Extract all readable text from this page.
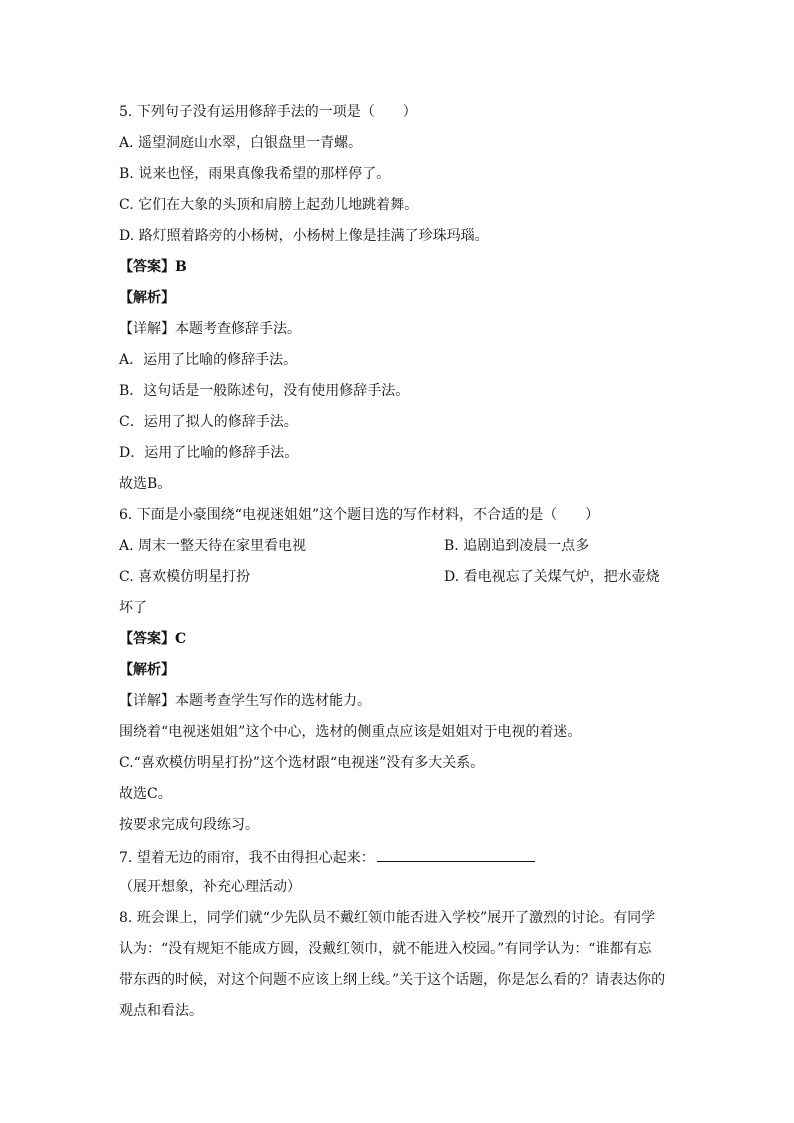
5. 下列句子没有运用修辞手法的一项是（　　）
A. 遥望洞庭山水翠，白银盘里一青螺。
B. 说来也怪，雨果真像我希望的那样停了。
C. 它们在大象的头顶和肩膀上起劲儿地跳着舞。
D. 路灯照着路旁的小杨树，小杨树上像是挂满了珍珠玛瑙。
【答案】B
【解析】
【详解】本题考查修辞手法。
A．运用了比喻的修辞手法。
B．这句话是一般陈述句，没有使用修辞手法。
C．运用了拟人的修辞手法。
D．运用了比喻的修辞手法。
故选B。
6. 下面是小豪围绕“电视迷姐姐”这个题目选的写作材料，不合适的是（　　）
A. 周末一整天待在家里看电视	B. 追剧追到凌晨一点多
C. 喜欢模仿明星打扮	D. 看电视忘了关煤气炉，把水壶烧
坏了
【答案】C
【解析】
【详解】本题考查学生写作的选材能力。
围绕着“电视迷姐姐”这个中心，选材的侧重点应该是姐姐对于电视的着迷。
C.“喜欢模仿明星打扮”这个选材跟“电视迷”没有多大关系。
故选C。
按要求完成句段练习。
7. 望着无边的雨帘，我不由得担心起来：
（展开想象，补充心理活动）
8. 班会课上，同学们就“少先队员不戴红领巾能否进入学校”展开了激烈的讨论。有同学
认为：“没有规矩不能成方圆，没戴红领巾，就不能进入校园。”有同学认为：“谁都有忘
带东西的时候，对这个问题不应该上纲上线。”关于这个话题，你是怎么看的？请表达你的
观点和看法。
